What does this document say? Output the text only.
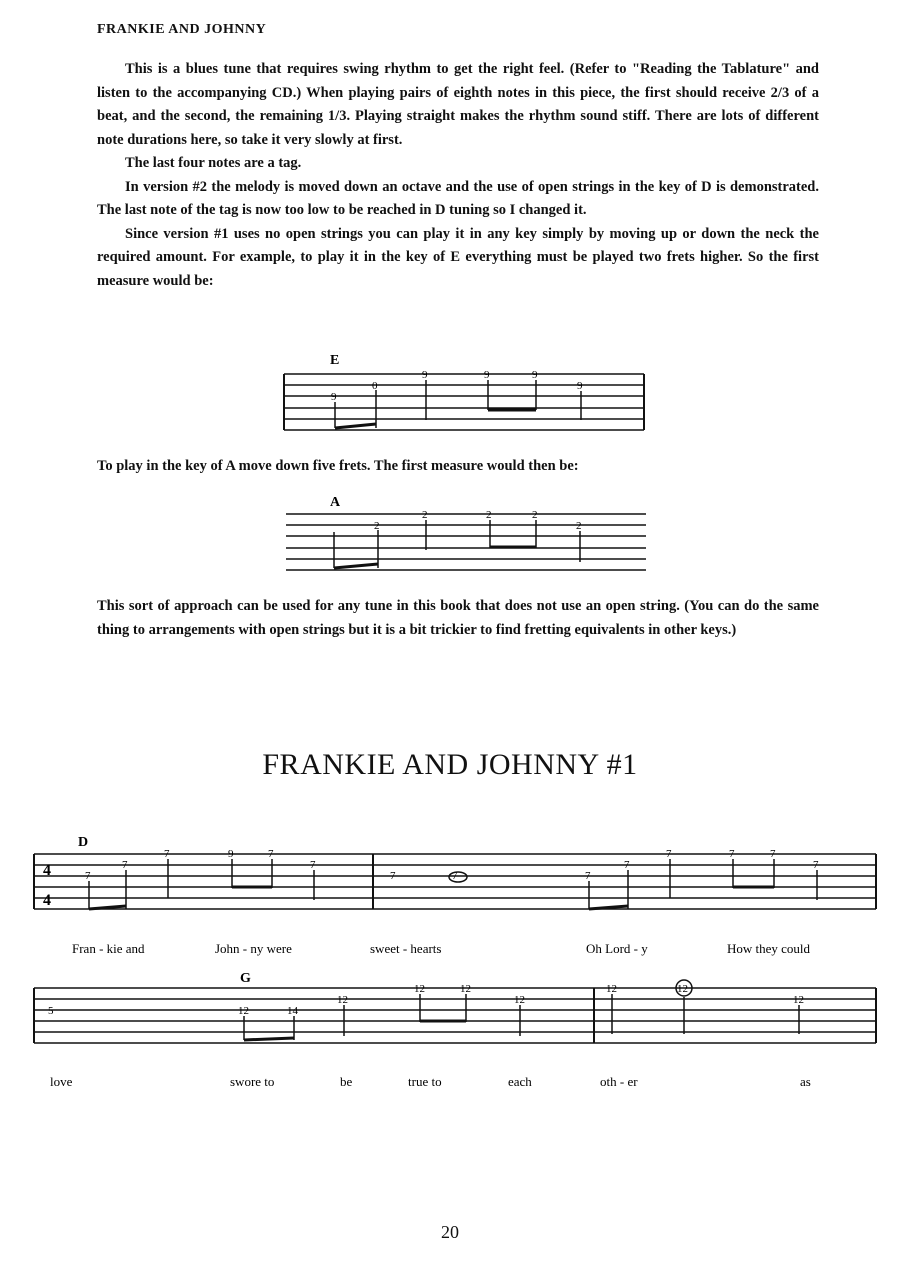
FRANKIE AND JOHNNY

This is a blues tune that requires swing rhythm to get the right feel. (Refer to "Reading the Tablature" and listen to the accompanying CD.) When playing pairs of eighth notes in this piece, the first should receive 2/3 of a beat, and the second, the remaining 1/3. Playing straight makes the rhythm sound stiff. There are lots of different note durations here, so take it very slowly at first.

The last four notes are a tag.

In version #2 the melody is moved down an octave and the use of open strings in the key of D is demonstrated. The last note of the tag is now too low to be reached in D tuning so I changed it.

Since version #1 uses no open strings you can play it in any key simply by moving up or down the neck the required amount. For example, to play it in the key of E everything must be played two frets higher. So the first measure would be:

E
9
0
9	9	9
9
To play in the key of A move down five frets. The first measure would then be:
A
2
2	2	2
2
This sort of approach can be used for any tune in this book that does not use an open string. (You can do the same thing to arrangements with open strings but it is a bit trickier to find fretting equivalents in other keys.)
FRANKIE AND JOHNNY #1
D
4
4
7
7
7	9	7
7
7	7	7
7
7	7	7
7
Fran - kie and	John - ny were	sweet - hearts	Oh Lord - y	How they could
G
5	12	14
12
12	12
12
12	12
12
love	swore to	be	true to	each	oth - er	as
20
